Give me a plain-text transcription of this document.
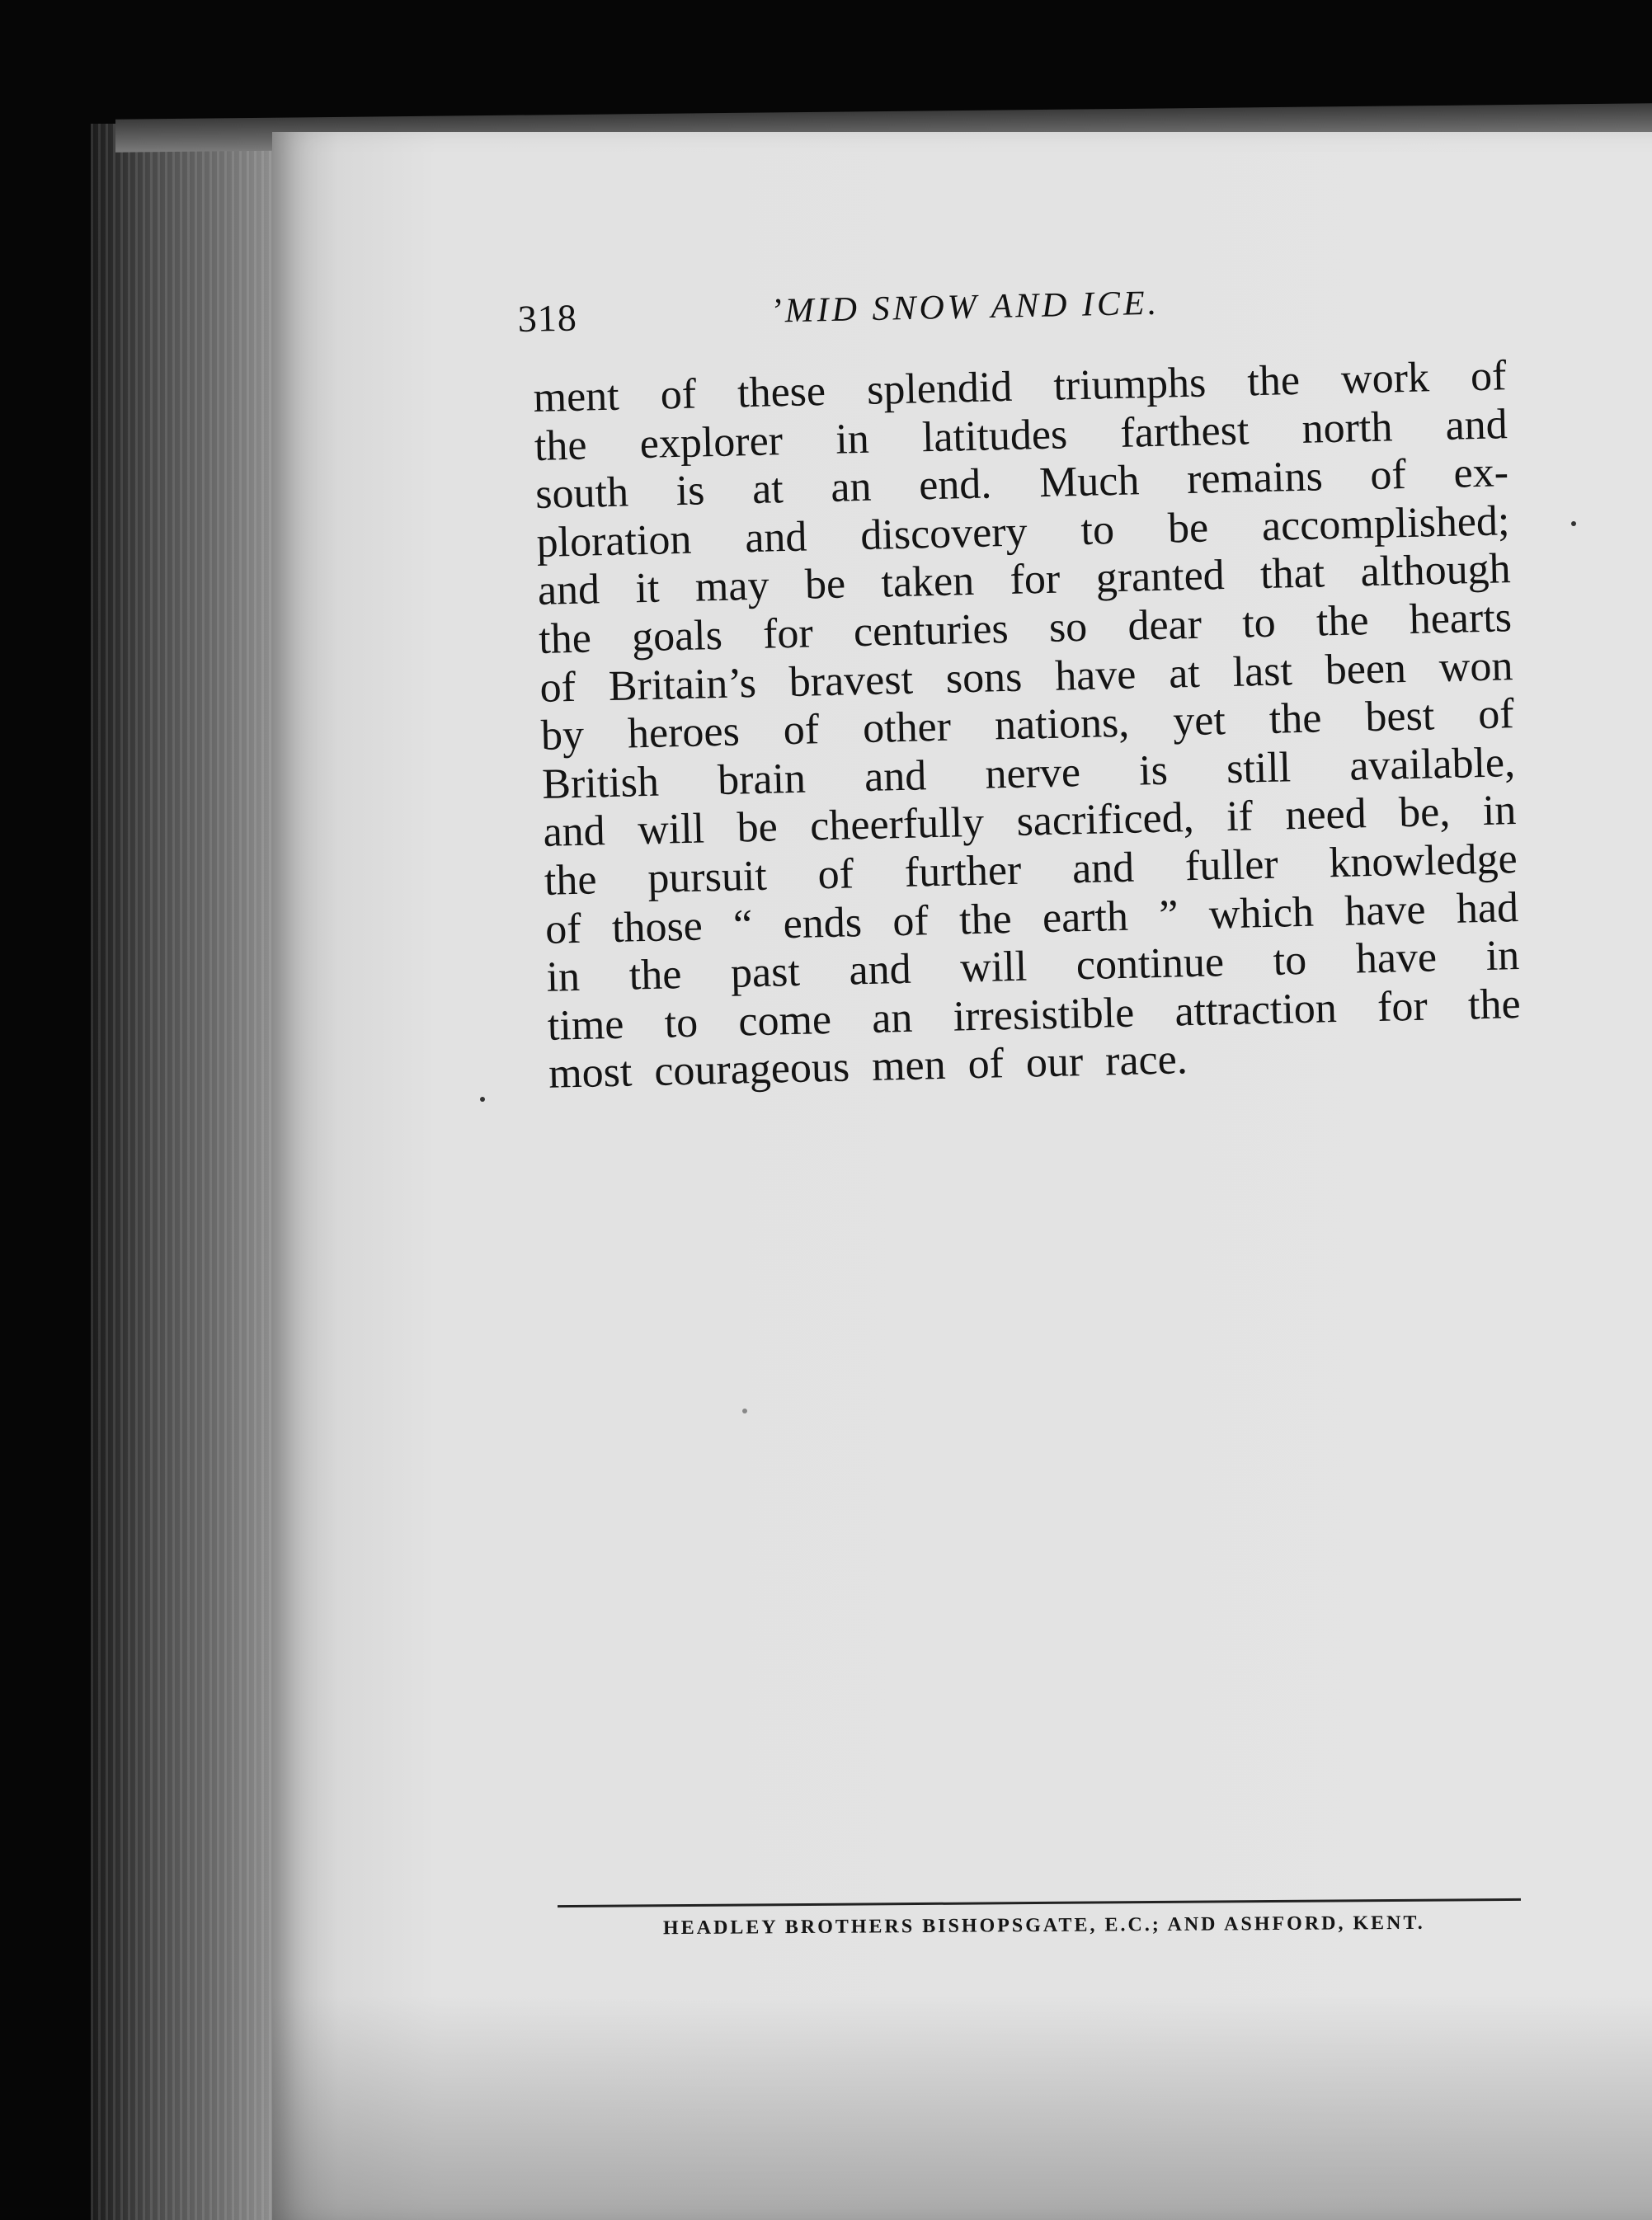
318	’MID SNOW AND ICE.
ment of these splendid triumphs the work of
the explorer in latitudes farthest north and
south is at an end. Much remains of ex-
ploration and discovery to be accomplished;
and it may be taken for granted that although
the goals for centuries so dear to the hearts
of Britain’s bravest sons have at last been won
by heroes of other nations, yet the best of
British brain and nerve is still available,
and will be cheerfully sacrificed, if need be, in
the pursuit of further and fuller knowledge
of those “ ends of the earth ” which have had
in the past and will continue to have in
time to come an irresistible attraction for the
most courageous men of our race.
HEADLEY BROTHERS BISHOPSGATE, E.C.; AND ASHFORD, KENT.
